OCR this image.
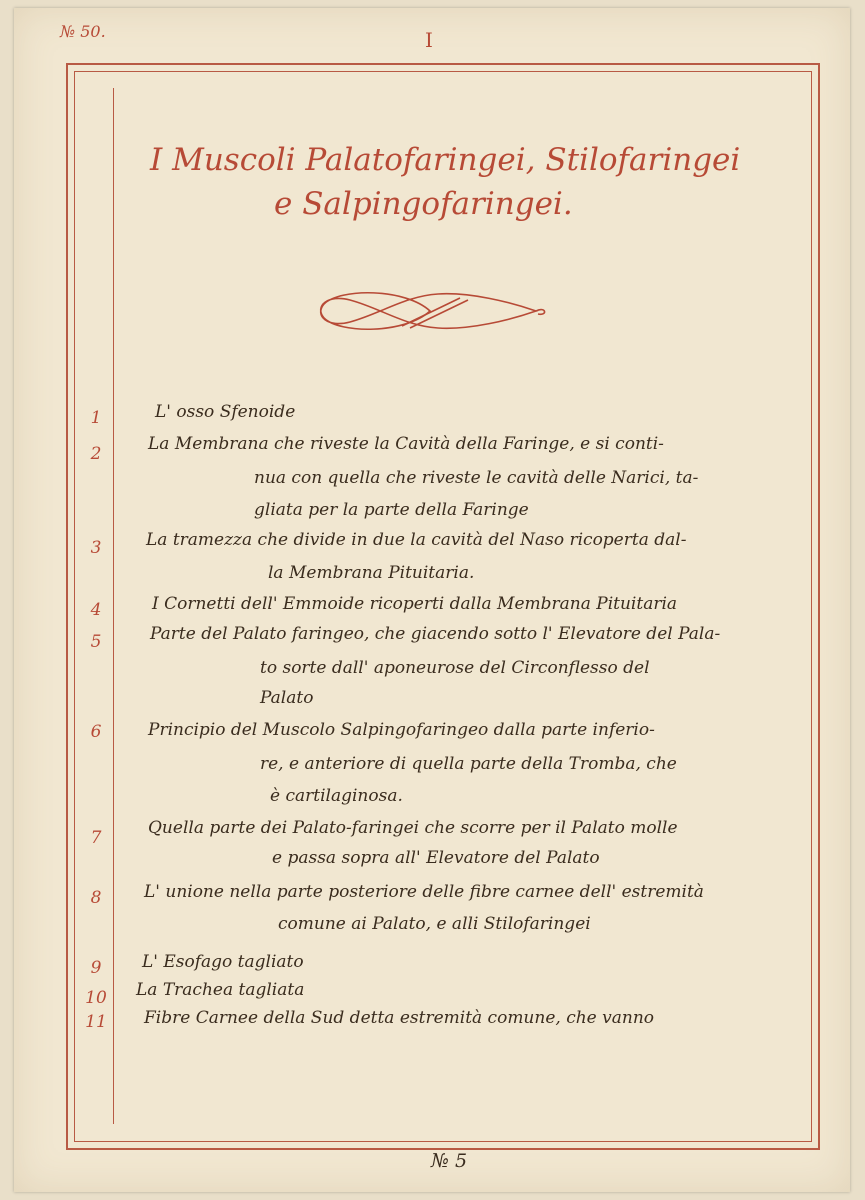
№ 50.	I
I Muscoli Palatofaringei, Stilofaringei
e Salpingofaringei.
1	L' osso Sfenoide
2	La Membrana che riveste la Cavità della Faringe, e si conti-
nua con quella che riveste le cavità delle Narici, ta-
gliata per la parte della Faringe
3	La tramezza che divide in due la cavità del Naso ricoperta dal-
la Membrana Pituitaria.
4	I Cornetti dell' Emmoide ricoperti dalla Membrana Pituitaria
5	Parte del Palato faringeo, che giacendo sotto l' Elevatore del Pala-
to sorte dall' aponeurose del Circonflesso del
Palato
6	Principio del Muscolo Salpingofaringeo dalla parte inferio-
re, e anteriore di quella parte della Tromba, che
è cartilaginosa.
7	Quella parte dei Palato-faringei che scorre per il Palato molle
e passa sopra all' Elevatore del Palato
8	L' unione nella parte posteriore delle fibre carnee dell' estremità
comune ai Palato, e alli Stilofaringei
9	L' Esofago tagliato
10	La Trachea tagliata
11	Fibre Carnee della Sud detta estremità comune, che vanno
№ 5
